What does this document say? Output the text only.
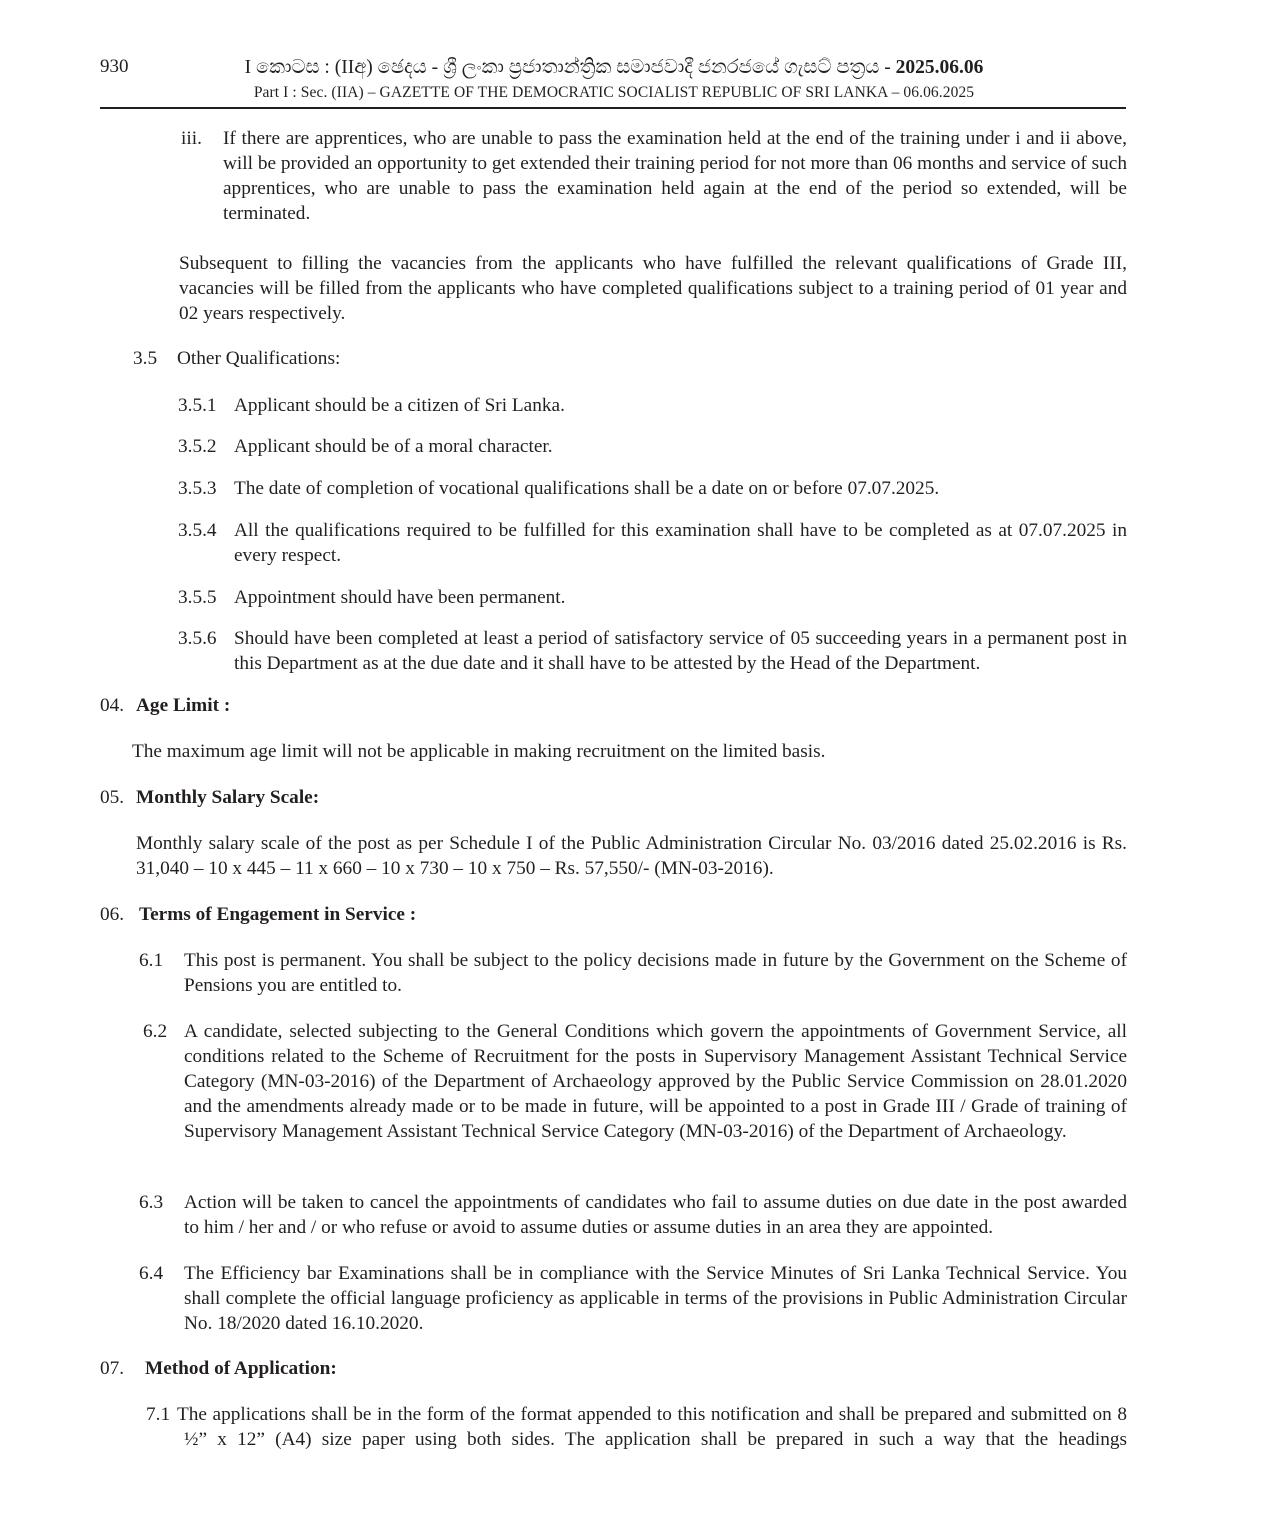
930	I කොටස : (IIඅ) ඡෙදය - ශ්‍රී ලංකා ප්‍රජාතාන්ත්‍රික සමාජවාදී ජනරජයේ ගැසට් පත්‍රය - 2025.06.06
Part I : Sec. (IIA) – GAZETTE OF THE DEMOCRATIC SOCIALIST REPUBLIC OF SRI LANKA – 06.06.2025
iii. If there are apprentices, who are unable to pass the examination held at the end of the training under i and ii above, will be provided an opportunity to get extended their training period for not more than 06 months and service of such apprentices, who are unable to pass the examination held again at the end of the period so extended, will be terminated.
Subsequent to filling the vacancies from the applicants who have fulfilled the relevant qualifications of Grade III, vacancies will be filled from the applicants who have completed qualifications subject to a training period of 01 year and 02 years respectively.
3.5 Other Qualifications:
3.5.1 Applicant should be a citizen of Sri Lanka.
3.5.2 Applicant should be of a moral character.
3.5.3 The date of completion of vocational qualifications shall be a date on or before 07.07.2025.
3.5.4 All the qualifications required to be fulfilled for this examination shall have to be completed as at 07.07.2025 in every respect.
3.5.5 Appointment should have been permanent.
3.5.6 Should have been completed at least a period of satisfactory service of 05 succeeding years in a permanent post in this Department as at the due date and it shall have to be attested by the Head of the Department.
04. Age Limit :
The maximum age limit will not be applicable in making recruitment on the limited basis.
05. Monthly Salary Scale:
Monthly salary scale of the post as per Schedule I of the Public Administration Circular No. 03/2016 dated 25.02.2016 is Rs. 31,040 – 10 x 445 – 11 x 660 – 10 x 730 – 10 x 750 – Rs. 57,550/- (MN-03-2016).
06. Terms of Engagement in Service :
6.1 This post is permanent. You shall be subject to the policy decisions made in future by the Government on the Scheme of Pensions you are entitled to.
6.2 A candidate, selected subjecting to the General Conditions which govern the appointments of Government Service, all conditions related to the Scheme of Recruitment for the posts in Supervisory Management Assistant Technical Service Category (MN-03-2016) of the Department of Archaeology approved by the Public Service Commission on 28.01.2020 and the amendments already made or to be made in future, will be appointed to a post in Grade III / Grade of training of Supervisory Management Assistant Technical Service Category (MN-03-2016) of the Department of Archaeology.
6.3 Action will be taken to cancel the appointments of candidates who fail to assume duties on due date in the post awarded to him / her and / or who refuse or avoid to assume duties or assume duties in an area they are appointed.
6.4 The Efficiency bar Examinations shall be in compliance with the Service Minutes of Sri Lanka Technical Service. You shall complete the official language proficiency as applicable in terms of the provisions in Public Administration Circular No. 18/2020 dated 16.10.2020.
07. Method of Application:
7.1 The applications shall be in the form of the format appended to this notification and shall be prepared and submitted on 8 ½” x 12” (A4) size paper using both sides. The application shall be prepared in such a way that the headings
